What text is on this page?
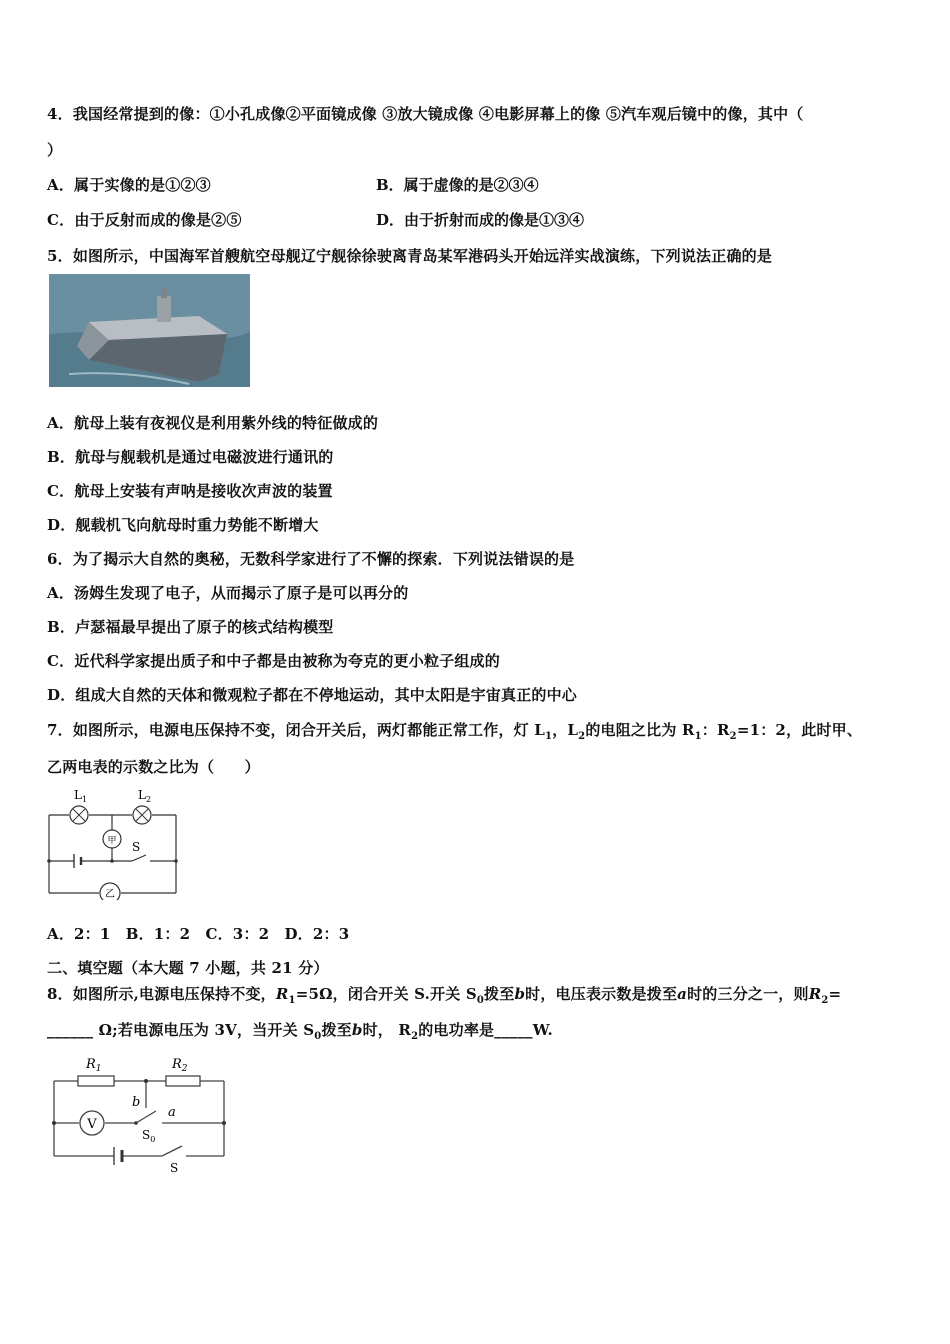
4．我国经常提到的像：①小孔成像②平面镜成像 ③放大镜成像 ④电影屏幕上的像 ⑤汽车观后镜中的像，其中（
）
A．属于实像的是①②③	B．属于虚像的是②③④
C．由于反射而成的像是②⑤	D．由于折射而成的像是①③④
5．如图所示，中国海军首艘航空母舰辽宁舰徐徐驶离青岛某军港码头开始远洋实战演练，下列说法正确的是
A．航母上装有夜视仪是利用紫外线的特征做成的
B．航母与舰载机是通过电磁波进行通讯的
C．航母上安装有声呐是接收次声波的装置
D．舰载机飞向航母时重力势能不断增大
6．为了揭示大自然的奥秘，无数科学家进行了不懈的探索．下列说法错误的是
A．汤姆生发现了电子，从而揭示了原子是可以再分的
B．卢瑟福最早提出了原子的核式结构模型
C．近代科学家提出质子和中子都是由被称为夸克的更小粒子组成的
D．组成大自然的天体和微观粒子都在不停地运动，其中太阳是宇宙真正的中心
7．如图所示，电源电压保持不变，闭合开关后，两灯都能正常工作，灯 $L_1$，$L_2$的电阻之比为 $R_1$：$R_2=1$：2，此时甲、
乙两电表的示数之比为（　　）
甲
乙
$L_1$	$L_2$
S
A．2：1　B．1：2　C．3：2　D．2：3
二、填空题（本大题 7 小题，共 21 分）
8．如图所示,电源电压保持不变，$R_1=5\Omega$，闭合开关 S.开关 $S_0$拨至b时，电压表示数是拨至a时的三分之一，则$R_2=$
______ Ω;若电源电压为 3V，当开关 $S_0$拨至b时， $R_2$的电功率是_____W.
V
$R_1$	$R_2$
b
a
$S_0$
S
